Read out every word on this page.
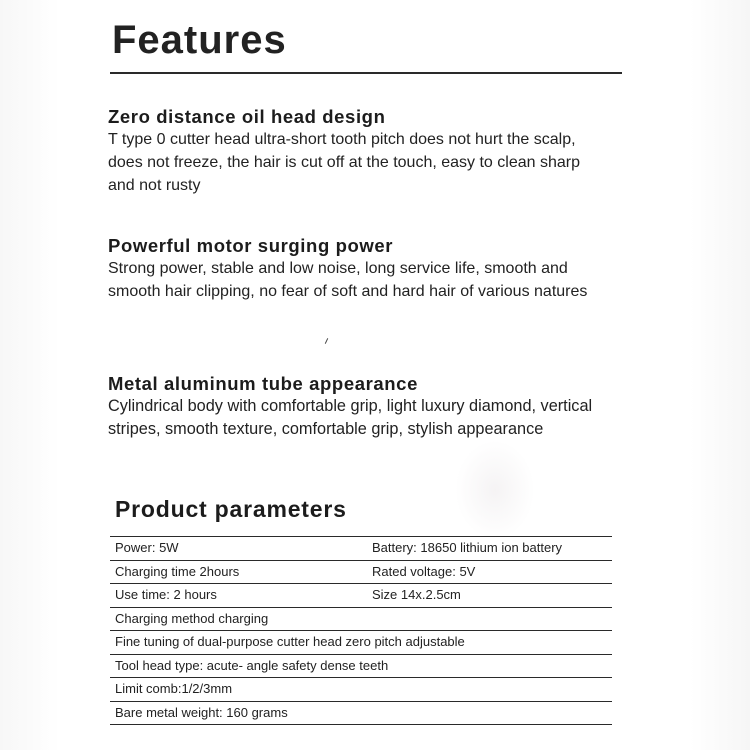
Features
Zero distance oil head design

T type 0 cutter head ultra-short tooth pitch does not hurt the scalp,

does not freeze, the hair is cut off at the touch, easy to clean sharp

and not rusty

Powerful motor surging power

Strong power, stable and low noise, long service life, smooth and

smooth hair clipping, no fear of soft and hard hair of various natures

Metal aluminum tube appearance

Cylindrical body with comfortable grip, light luxury diamond, vertical

stripes, smooth texture, comfortable grip, stylish appearance

Product parameters
Power: 5W	Battery: 18650 lithium ion battery
Charging time 2hours	Rated voltage: 5V
Use time: 2 hours	Size 14x.2.5cm
Charging method charging
Fine tuning of dual-purpose cutter head zero pitch adjustable
Tool head type: acute- angle safety dense teeth
Limit comb:1/2/3mm
Bare metal weight: 160 grams
